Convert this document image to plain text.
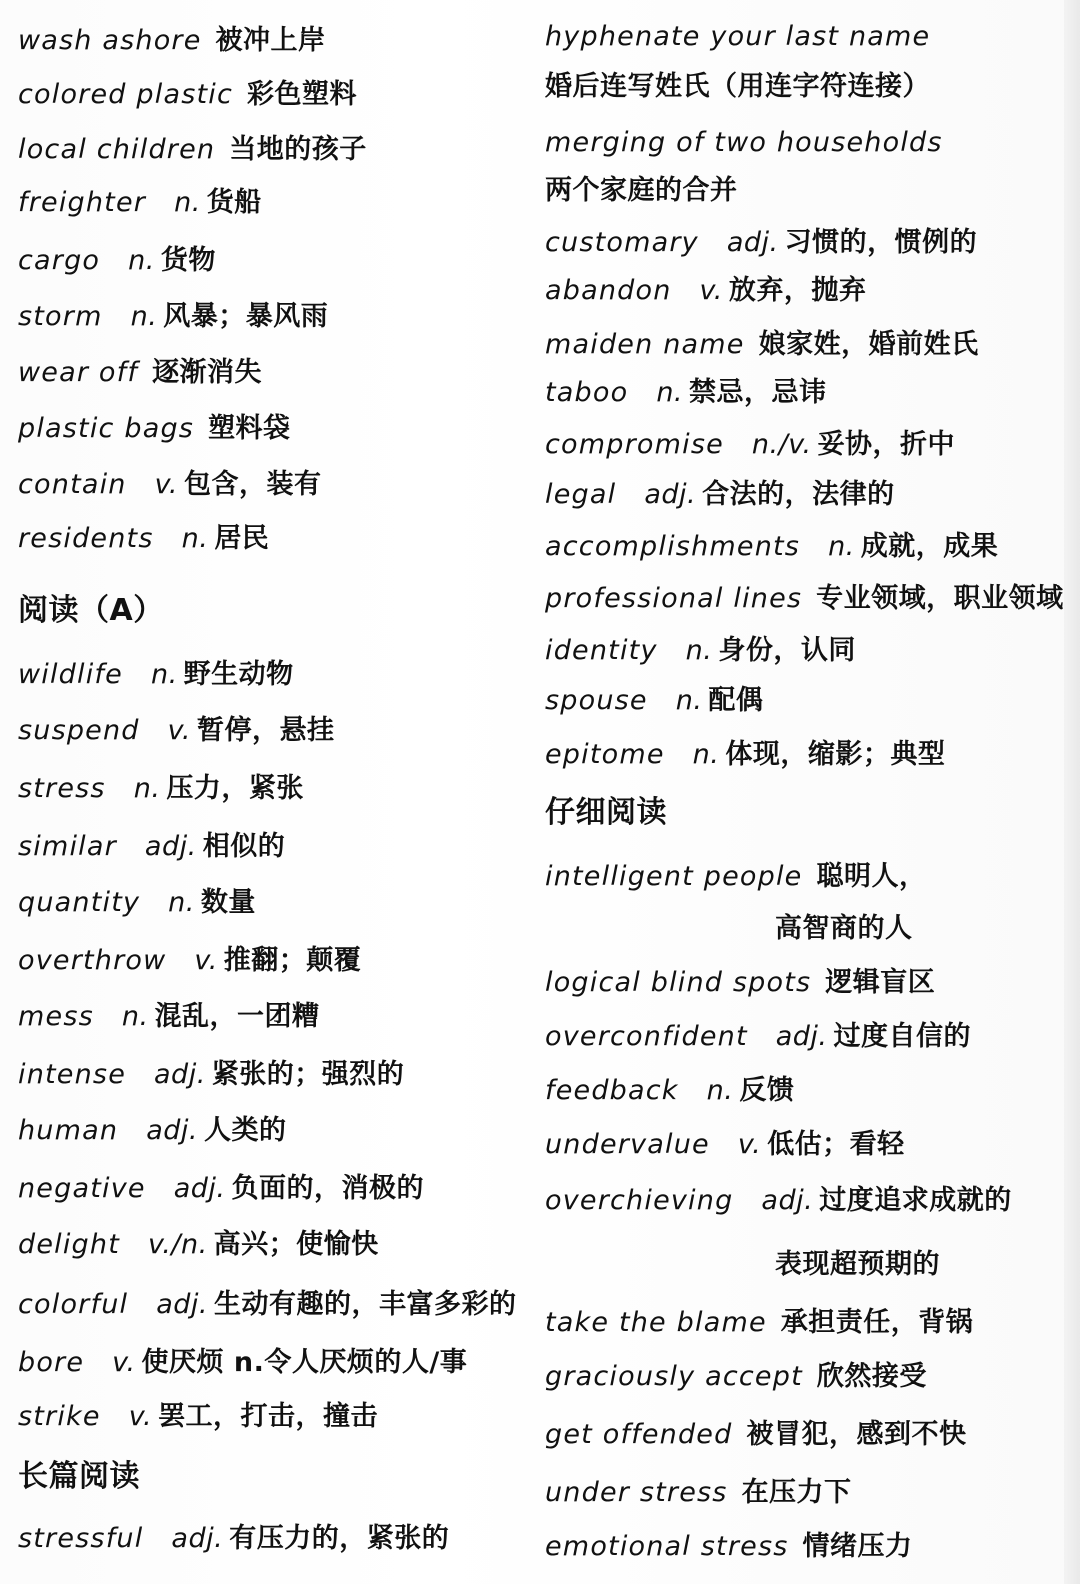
wash ashore 被冲上岸
colored plastic 彩色塑料
local children 当地的孩子
freighter n. 货船
cargo n. 货物
storm n. 风暴；暴风雨
wear off 逐渐消失
plastic bags 塑料袋
contain v. 包含，装有
residents n. 居民
阅读（A）
wildlife n. 野生动物
suspend v. 暂停，悬挂
stress n. 压力，紧张
similar adj. 相似的
quantity n. 数量
overthrow v. 推翻；颠覆
mess n. 混乱，一团糟
intense adj. 紧张的；强烈的
human adj. 人类的
negative adj. 负面的，消极的
delight v./n. 高兴；使愉快
colorful adj. 生动有趣的，丰富多彩的
bore v. 使厌烦 n.令人厌烦的人/事
strike v. 罢工，打击，撞击
长篇阅读
stressful adj. 有压力的，紧张的
hyphenate your last name
婚后连写姓氏（用连字符连接）
merging of two households
两个家庭的合并
customary adj. 习惯的，惯例的
abandon v. 放弃，抛弃
maiden name 娘家姓，婚前姓氏
taboo n. 禁忌，忌讳
compromise n./v. 妥协，折中
legal adj. 合法的，法律的
accomplishments n. 成就，成果
professional lines 专业领域，职业领域
identity n. 身份，认同
spouse n. 配偶
epitome n. 体现，缩影；典型
仔细阅读
intelligent people 聪明人，
高智商的人
logical blind spots 逻辑盲区
overconfident adj. 过度自信的
feedback n. 反馈
undervalue v. 低估；看轻
overchieving adj. 过度追求成就的
表现超预期的
take the blame 承担责任，背锅
graciously accept 欣然接受
get offended 被冒犯，感到不快
under stress 在压力下
emotional stress 情绪压力
